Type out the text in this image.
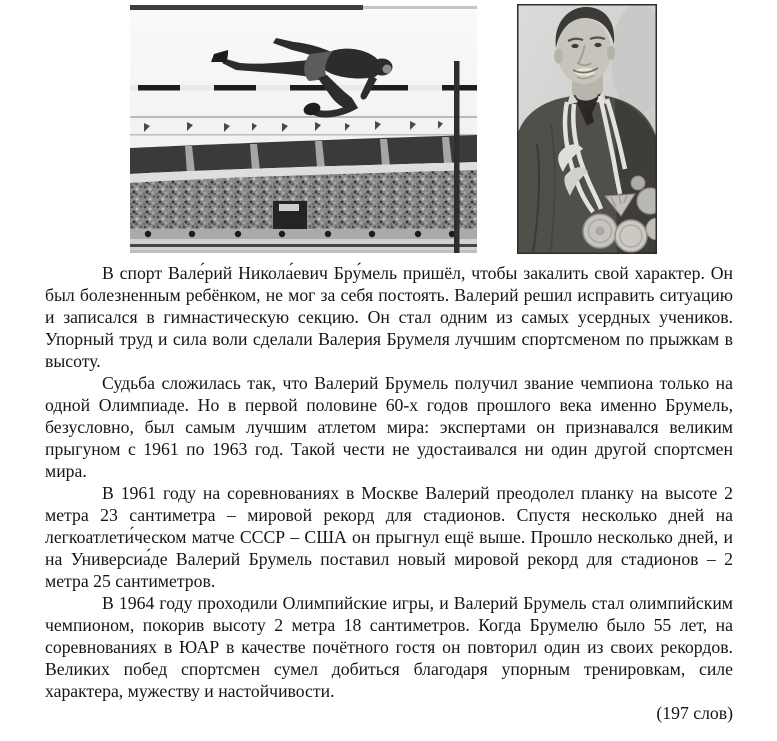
В спорт Вале́рий Никола́евич Бру́мель пришёл, чтобы закалить свой характер. Он был болезненным ребёнком, не мог за себя постоять. Валерий решил исправить ситуацию и записался в гимнастическую секцию. Он стал одним из самых усердных учеников. Упорный труд и сила воли сделали Валерия Брумеля лучшим спортсменом по прыжкам в высоту.

Судьба сложилась так, что Валерий Брумель получил звание чемпиона только на одной Олимпиаде. Но в первой половине 60-х годов прошлого века именно Брумель, безусловно, был самым лучшим атлетом мира: экспертами он признавался великим прыгуном с 1961 по 1963 год. Такой чести не удостаивался ни один другой спортсмен мира.

В 1961 году на соревнованиях в Москве Валерий преодолел планку на высоте 2 метра 23 сантиметра – мировой рекорд для стадионов. Спустя несколько дней на легкоатлети́ческом матче СССР – США он прыгнул ещё выше. Прошло несколько дней, и на Универсиа́де Валерий Брумель поставил новый мировой рекорд для стадионов – 2 метра 25 сантиметров.

В 1964 году проходили Олимпийские игры, и Валерий Брумель стал олимпийским чемпионом, покорив высоту 2 метра 18 сантиметров. Когда Брумелю было 55 лет, на соревнованиях в ЮАР в качестве почётного гостя он повторил один из своих рекордов. Великих побед спортсмен сумел добиться благодаря упорным тренировкам, силе характера, мужеству и настойчивости.

(197 слов)
